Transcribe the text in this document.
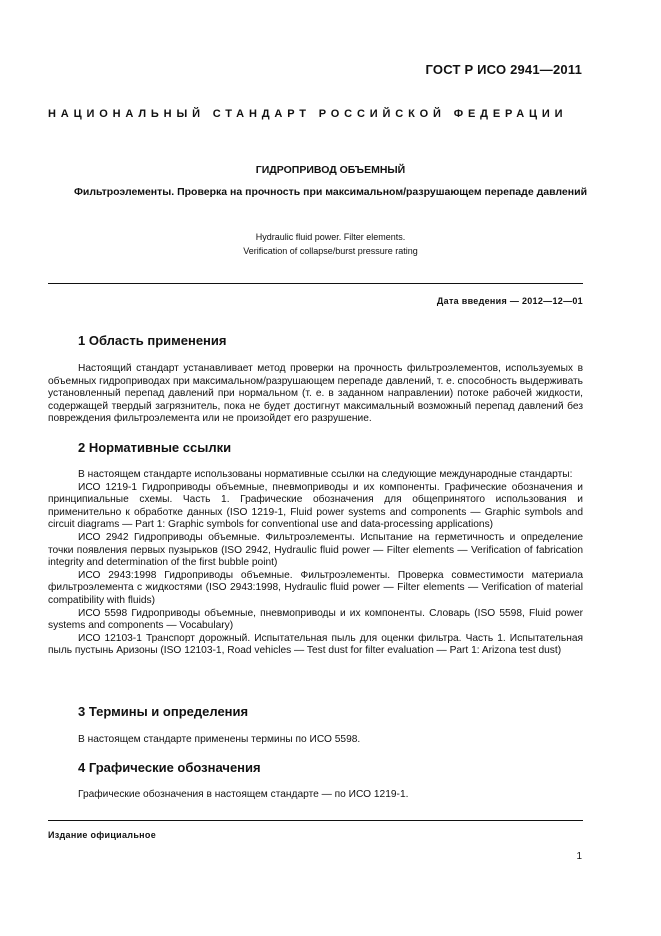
ГОСТ Р ИСО 2941—2011
НАЦИОНАЛЬНЫЙ СТАНДАРТ РОССИЙСКОЙ ФЕДЕРАЦИИ
ГИДРОПРИВОД ОБЪЕМНЫЙ
Фильтроэлементы. Проверка на прочность при максимальном/разрушающем перепаде давлений
Hydraulic fluid power. Filter elements.
Verification of collapse/burst pressure rating
Дата введения — 2012—12—01
1 Область применения

Настоящий стандарт устанавливает метод проверки на прочность фильтроэлементов, используемых в объемных гидроприводах при максимальном/разрушающем перепаде давлений, т. е. способность выдерживать установленный перепад давлений при нормальном (т. е. в заданном направлении) потоке рабочей жидкости, содержащей твердый загрязнитель, пока не будет достигнут максимальный возможный перепад давлений без повреждения фильтроэлемента или не произойдет его разрушение.

2 Нормативные ссылки

В настоящем стандарте использованы нормативные ссылки на следующие международные стандарты:

ИСО 1219-1 Гидроприводы объемные, пневмоприводы и их компоненты. Графические обозначения и принципиальные схемы. Часть 1. Графические обозначения для общепринятого использования и применительно к обработке данных (ISO 1219-1, Fluid power systems and components — Graphic symbols and circuit diagrams — Part 1: Graphic symbols for conventional use and data-processing applications)

ИСО 2942 Гидроприводы объемные. Фильтроэлементы. Испытание на герметичность и определение точки появления первых пузырьков (ISO 2942, Hydraulic fluid power — Filter elements — Verification of fabrication integrity and determination of the first bubble point)

ИСО 2943:1998 Гидроприводы объемные. Фильтроэлементы. Проверка совместимости материала фильтроэлемента с жидкостями (ISO 2943:1998, Hydraulic fluid power — Filter elements — Verification of material compatibility with fluids)

ИСО 5598 Гидроприводы объемные, пневмоприводы и их компоненты. Словарь (ISO 5598, Fluid power systems and components — Vocabulary)

ИСО 12103-1 Транспорт дорожный. Испытательная пыль для оценки фильтра. Часть 1. Испытательная пыль пустынь Аризоны (ISO 12103-1, Road vehicles — Test dust for filter evaluation — Part 1: Arizona test dust)

3 Термины и определения

В настоящем стандарте применены термины по ИСО 5598.

4 Графические обозначения

Графические обозначения в настоящем стандарте — по ИСО 1219-1.

Издание официальное
1
